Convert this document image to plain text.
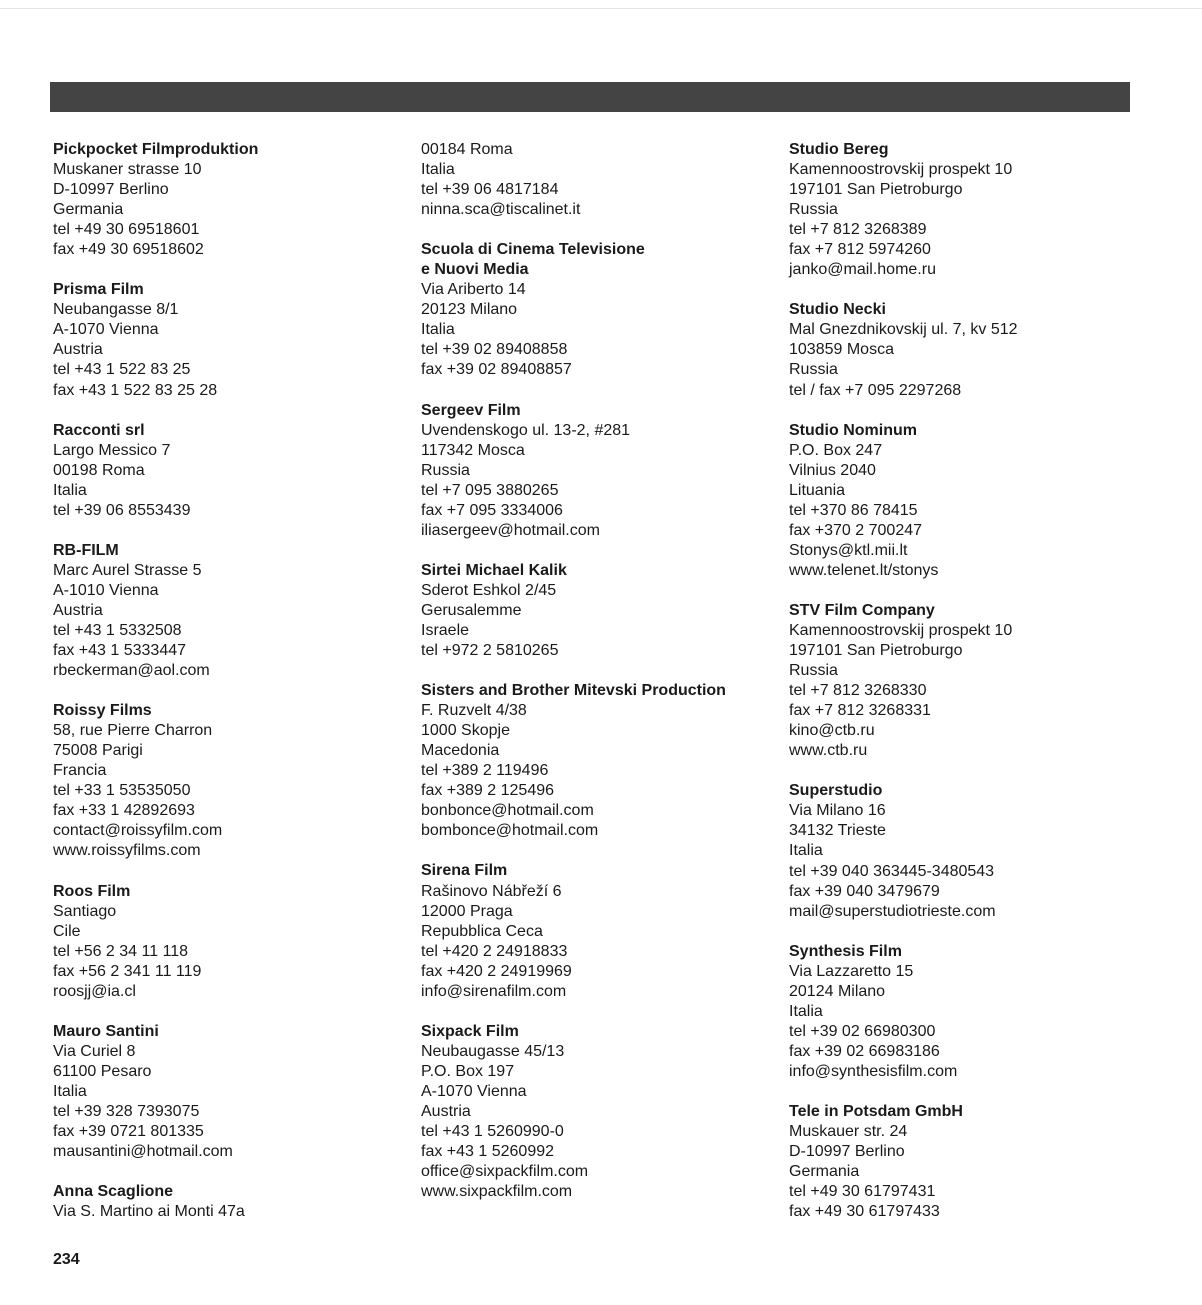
Pickpocket Filmproduktion
Muskaner strasse 10
D-10997 Berlino
Germania
tel +49 30 69518601
fax +49 30 69518602
Prisma Film
Neubangasse 8/1
A-1070 Vienna
Austria
tel +43 1 522 83 25
fax +43 1 522 83 25 28
Racconti srl
Largo Messico 7
00198 Roma
Italia
tel +39 06 8553439
RB-FILM
Marc Aurel Strasse 5
A-1010 Vienna
Austria
tel +43 1 5332508
fax +43 1 5333447
rbeckerman@aol.com
Roissy Films
58, rue Pierre Charron
75008 Parigi
Francia
tel +33 1 53535050
fax +33 1 42892693
contact@roissyfilm.com
www.roissyfilms.com
Roos Film
Santiago
Cile
tel +56 2 34 11 118
fax +56 2 341 11 119
roosjj@ia.cl
Mauro Santini
Via Curiel 8
61100 Pesaro
Italia
tel +39 328 7393075
fax +39 0721 801335
mausantini@hotmail.com
Anna Scaglione
Via S. Martino ai Monti 47a
00184 Roma
Italia
tel +39 06 4817184
ninna.sca@tiscalinet.it
Scuola di Cinema Televisione
e Nuovi Media
Via Ariberto 14
20123 Milano
Italia
tel +39 02 89408858
fax +39 02 89408857
Sergeev Film
Uvendenskogo ul. 13-2, #281
117342 Mosca
Russia
tel +7 095 3880265
fax +7 095 3334006
iliasergeev@hotmail.com
Sirtei Michael Kalik
Sderot Eshkol 2/45
Gerusalemme
Israele
tel +972 2 5810265
Sisters and Brother Mitevski Production
F. Ruzvelt 4/38
1000 Skopje
Macedonia
tel +389 2 119496
fax +389 2 125496
bonbonce@hotmail.com
bombonce@hotmail.com
Sirena Film
Rašinovo Nábřeží 6
12000 Praga
Repubblica Ceca
tel +420 2 24918833
fax +420 2 24919969
info@sirenafilm.com
Sixpack Film
Neubaugasse 45/13
P.O. Box 197
A-1070 Vienna
Austria
tel +43 1 5260990-0
fax +43 1 5260992
office@sixpackfilm.com
www.sixpackfilm.com
Studio Bereg
Kamennoostrovskij prospekt 10
197101 San Pietroburgo
Russia
tel +7 812 3268389
fax +7 812 5974260
janko@mail.home.ru
Studio Necki
Mal Gnezdnikovskij ul. 7, kv 512
103859 Mosca
Russia
tel / fax +7 095 2297268
Studio Nominum
P.O. Box 247
Vilnius 2040
Lituania
tel +370 86 78415
fax +370 2 700247
Stonys@ktl.mii.lt
www.telenet.lt/stonys
STV Film Company
Kamennoostrovskij prospekt 10
197101 San Pietroburgo
Russia
tel +7 812 3268330
fax +7 812 3268331
kino@ctb.ru
www.ctb.ru
Superstudio
Via Milano 16
34132 Trieste
Italia
tel +39 040 363445-3480543
fax +39 040 3479679
mail@superstudiotrieste.com
Synthesis Film
Via Lazzaretto 15
20124 Milano
Italia
tel +39 02 66980300
fax +39 02 66983186
info@synthesisfilm.com
Tele in Potsdam GmbH
Muskauer str. 24
D-10997 Berlino
Germania
tel +49 30 61797431
fax +49 30 61797433
234
